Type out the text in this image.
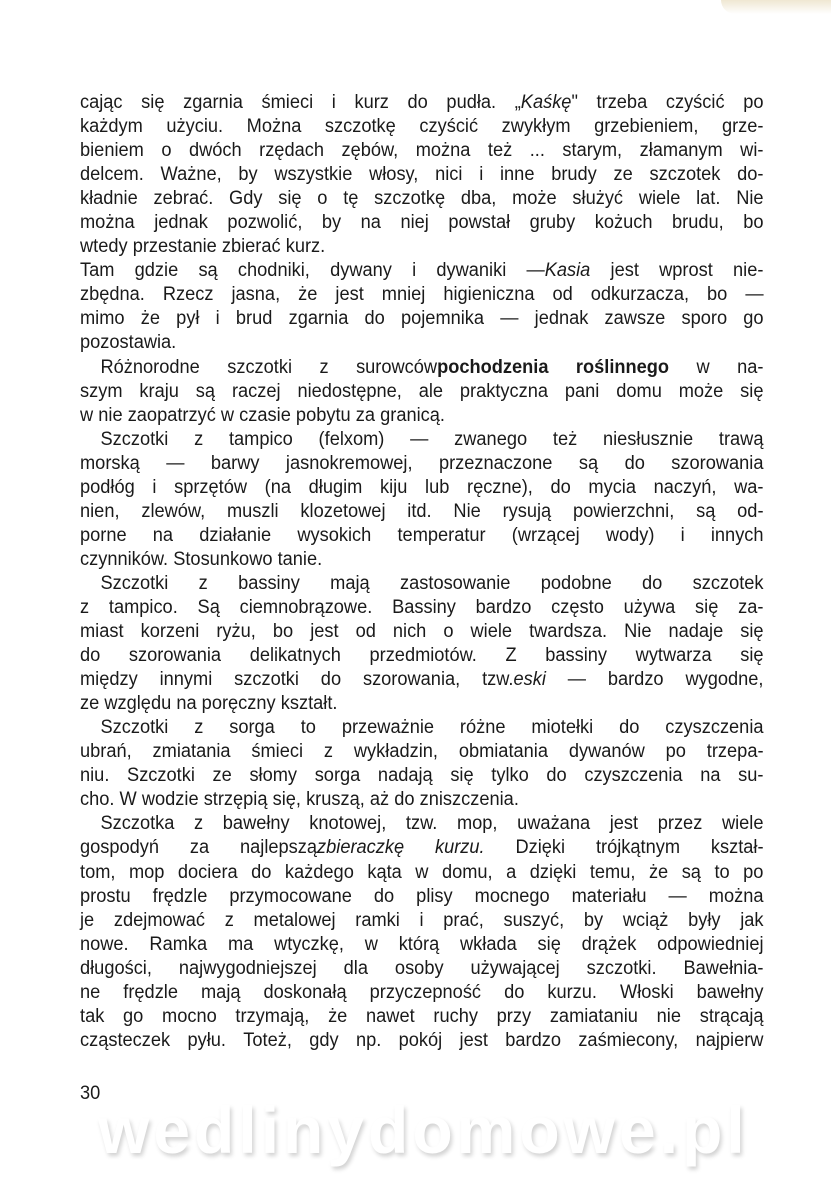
cając się zgarnia śmieci i kurz do pudła. „Kaśkę" trzeba czyścić po
każdym użyciu. Można szczotkę czyścić zwykłym grzebieniem, grze-
bieniem o dwóch rzędach zębów, można też ... starym, złamanym wi-
delcem. Ważne, by wszystkie włosy, nici i inne brudy ze szczotek do-
kładnie zebrać. Gdy się o tę szczotkę dba, może służyć wiele lat. Nie
można jednak pozwolić, by na niej powstał gruby kożuch brudu, bo
wtedy przestanie zbierać kurz.
Tam gdzie są chodniki, dywany i dywaniki —Kasia jest wprost nie-
zbędna. Rzecz jasna, że jest mniej higieniczna od odkurzacza, bo —
mimo że pył i brud zgarnia do pojemnika — jednak zawsze sporo go
pozostawia.
Różnorodne szczotki z surowcówpochodzenia roślinnego w na-
szym kraju są raczej niedostępne, ale praktyczna pani domu może się
w nie zaopatrzyć w czasie pobytu za granicą.
Szczotki z tampico (felxom) — zwanego też niesłusznie trawą
morską — barwy jasnokremowej, przeznaczone są do szorowania
podłóg i sprzętów (na długim kiju lub ręczne), do mycia naczyń, wa-
nien, zlewów, muszli klozetowej itd. Nie rysują powierzchni, są od-
porne na działanie wysokich temperatur (wrzącej wody) i innych
czynników. Stosunkowo tanie.
Szczotki z bassiny mają zastosowanie podobne do szczotek
z tampico. Są ciemnobrązowe. Bassiny bardzo często używa się za-
miast korzeni ryżu, bo jest od nich o wiele twardsza. Nie nadaje się
do szorowania delikatnych przedmiotów. Z bassiny wytwarza się
między innymi szczotki do szorowania, tzw.eski — bardzo wygodne,
ze względu na poręczny kształt.
Szczotki z sorga to przeważnie różne miotełki do czyszczenia
ubrań, zmiatania śmieci z wykładzin, obmiatania dywanów po trzepa-
niu. Szczotki ze słomy sorga nadają się tylko do czyszczenia na su-
cho. W wodzie strzępią się, kruszą, aż do zniszczenia.
Szczotka z bawełny knotowej, tzw. mop, uważana jest przez wiele
gospodyń za najlepszązbieraczkę kurzu. Dzięki trójkątnym kształ-
tom, mop dociera do każdego kąta w domu, a dzięki temu, że są to po
prostu frędzle przymocowane do plisy mocnego materiału — można
je zdejmować z metalowej ramki i prać, suszyć, by wciąż były jak
nowe. Ramka ma wtyczkę, w którą wkłada się drążek odpowiedniej
długości, najwygodniejszej dla osoby używającej szczotki. Bawełnia-
ne frędzle mają doskonałą przyczepność do kurzu. Włoski bawełny
tak go mocno trzymają, że nawet ruchy przy zamiataniu nie strącają
cząsteczek pyłu. Toteż, gdy np. pokój jest bardzo zaśmiecony, najpierw
30
wedlinydomowe.pl
